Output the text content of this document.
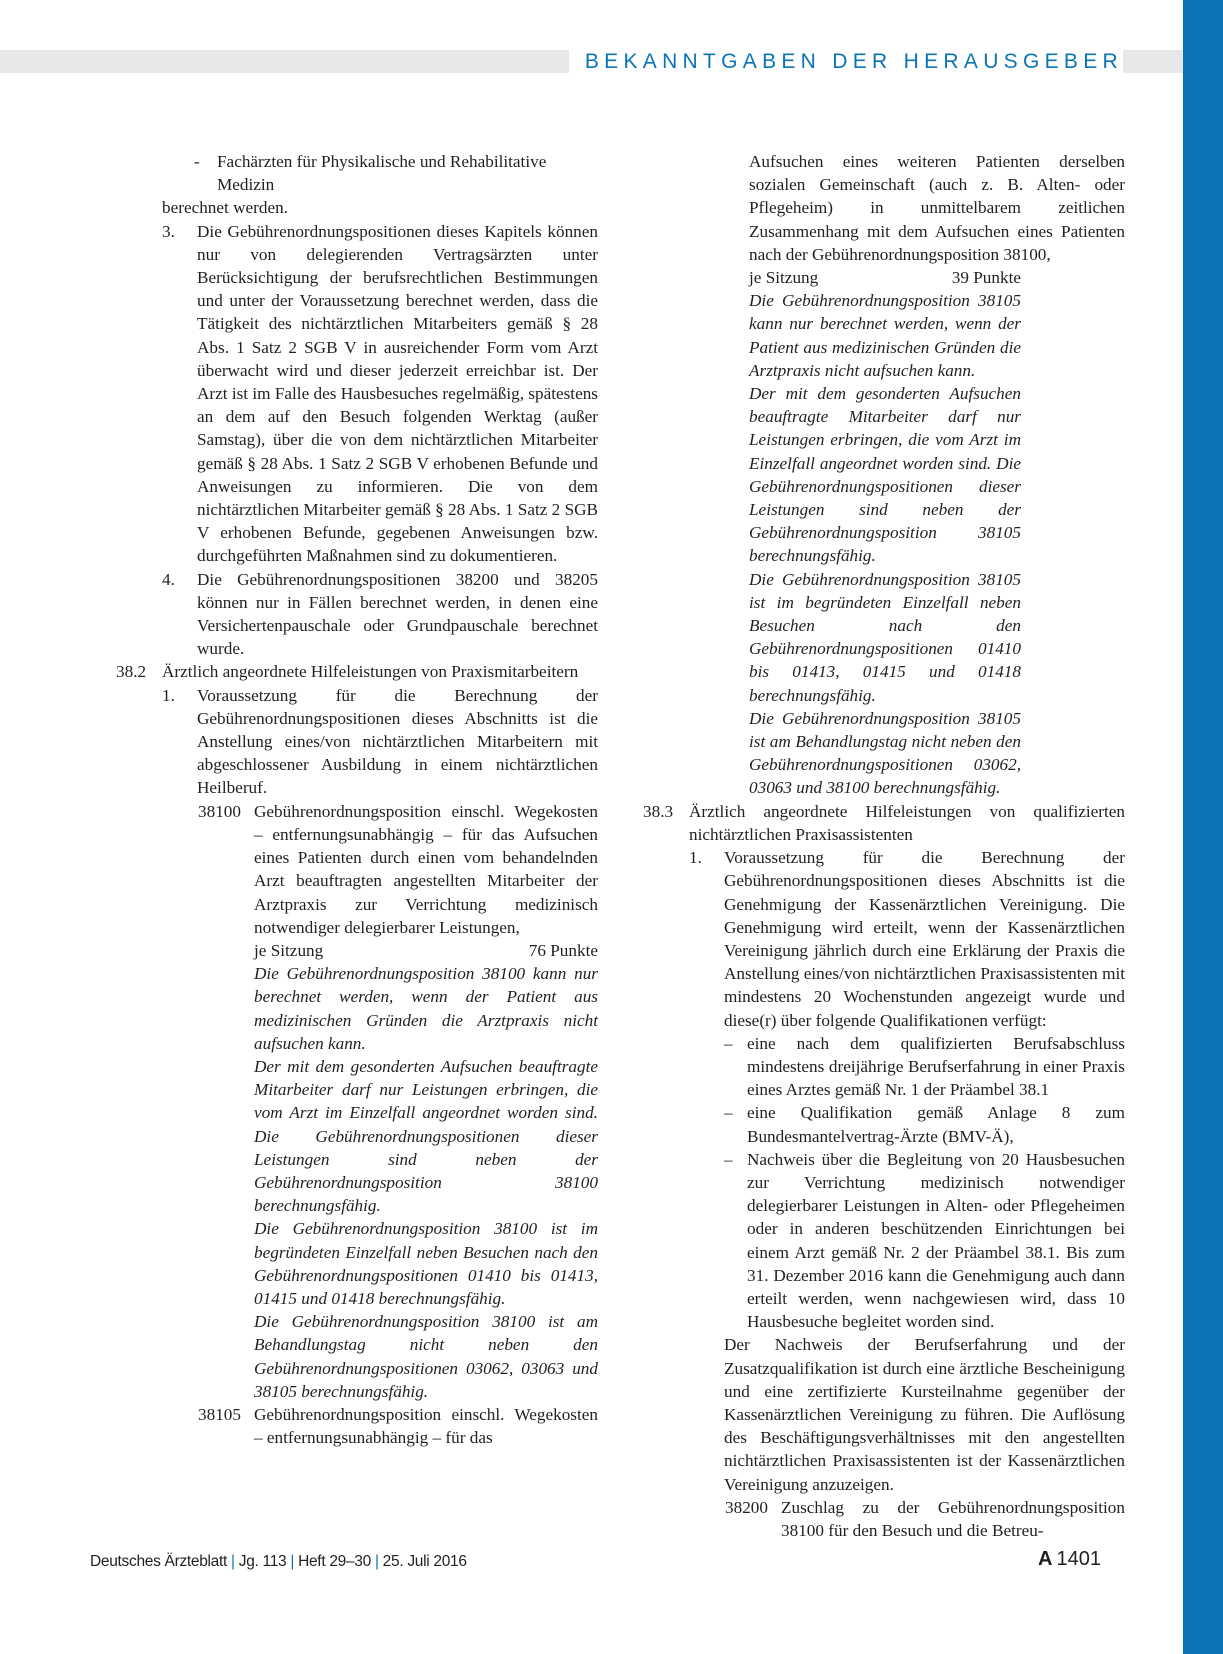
BEKANNTGABEN DER HERAUSGEBER
-	Fachärzten für Physikalische und Rehabilitative Medizin

berechnet werden.

3.	Die Gebührenordnungspositionen dieses Kapitels können nur von delegierenden Vertragsärzten unter Berücksichtigung der berufsrechtlichen Bestimmungen und unter der Voraussetzung berechnet werden, dass die Tätigkeit des nichtärztlichen Mitarbeiters gemäß § 28 Abs. 1 Satz 2 SGB V in ausreichender Form vom Arzt überwacht wird und dieser jederzeit erreichbar ist. Der Arzt ist im Falle des Hausbesuches regelmäßig, spätestens an dem auf den Besuch folgenden Werktag (außer Samstag), über die von dem nichtärztlichen Mitarbeiter gemäß § 28 Abs. 1 Satz 2 SGB V erhobenen Befunde und Anweisungen zu informieren. Die von dem nichtärztlichen Mitarbeiter gemäß § 28 Abs. 1 Satz 2 SGB V erhobenen Befunde, gegebenen Anweisungen bzw. durchgeführten Maßnahmen sind zu dokumentieren.
4.	Die Gebührenordnungspositionen 38200 und 38205 können nur in Fällen berechnet werden, in denen eine Versichertenpauschale oder Grundpauschale berechnet wurde.
38.2 Ärztlich angeordnete Hilfeleistungen von Praxismitarbeitern
1.	Voraussetzung für die Berechnung der Gebührenordnungspositionen dieses Abschnitts ist die Anstellung eines/von nichtärztlichen Mitarbeitern mit abgeschlossener Ausbildung in einem nichtärztlichen Heilberuf.
38100 Gebührenordnungsposition einschl. Wegekosten – entfernungsunabhängig – für das Aufsuchen eines Patienten durch einen vom behandelnden Arzt beauftragten angestellten Mitarbeiter der Arztpraxis zur Verrichtung medizinisch notwendiger delegierbarer Leistungen,

je Sitzung	76 Punkte

Die Gebührenordnungsposition 38100 kann nur berechnet werden, wenn der Patient aus medizinischen Gründen die Arztpraxis nicht aufsuchen kann.

Der mit dem gesonderten Aufsuchen beauftragte Mitarbeiter darf nur Leistungen erbringen, die vom Arzt im Einzelfall angeordnet worden sind. Die Gebührenordnungspositionen dieser Leistungen sind neben der Gebührenordnungsposition 38100 berechnungsfähig.

Die Gebührenordnungsposition 38100 ist im begründeten Einzelfall neben Besuchen nach den Gebührenordnungspositionen 01410 bis 01413, 01415 und 01418 berechnungsfähig.

Die Gebührenordnungsposition 38100 ist am Behandlungstag nicht neben den Gebührenordnungspositionen 03062, 03063 und 38105 berechnungsfähig.

38105 Gebührenordnungsposition einschl. Wegekosten – entfernungsunabhängig – für das

Aufsuchen eines weiteren Patienten derselben sozialen Gemeinschaft (auch z. B. Alten- oder Pflegeheim) in unmittelbarem zeitlichen Zusammenhang mit dem Aufsuchen eines Patienten nach der Gebührenordnungsposition 38100,

je Sitzung	39 Punkte

Die Gebührenordnungsposition 38105 kann nur berechnet werden, wenn der Patient aus medizinischen Gründen die Arztpraxis nicht aufsuchen kann.

Der mit dem gesonderten Aufsuchen beauftragte Mitarbeiter darf nur Leistungen erbringen, die vom Arzt im Einzelfall angeordnet worden sind. Die Gebührenordnungspositionen dieser Leistungen sind neben der Gebührenordnungsposition 38105 berechnungsfähig.

Die Gebührenordnungsposition 38105 ist im begründeten Einzelfall neben Besuchen nach den Gebührenordnungspositionen 01410 bis 01413, 01415 und 01418 berechnungsfähig.

Die Gebührenordnungsposition 38105 ist am Behandlungstag nicht neben den Gebührenordnungspositionen 03062, 03063 und 38100 berechnungsfähig.

38.3 Ärztlich angeordnete Hilfeleistungen von qualifizierten nichtärztlichen Praxisassistenten
1.	Voraussetzung für die Berechnung der Gebührenordnungspositionen dieses Abschnitts ist die Genehmigung der Kassenärztlichen Vereinigung. Die Genehmigung wird erteilt, wenn der Kassenärztlichen Vereinigung jährlich durch eine Erklärung der Praxis die Anstellung eines/von nichtärztlichen Praxisassistenten mit mindestens 20 Wochenstunden angezeigt wurde und diese(r) über folgende Qualifikationen verfügt:
– eine nach dem qualifizierten Berufsabschluss mindestens dreijährige Berufserfahrung in einer Praxis eines Arztes gemäß Nr. 1 der Präambel 38.1
– eine Qualifikation gemäß Anlage 8 zum Bundesmantelvertrag-Ärzte (BMV-Ä),
– Nachweis über die Begleitung von 20 Hausbesuchen zur Verrichtung medizinisch notwendiger delegierbarer Leistungen in Alten- oder Pflegeheimen oder in anderen beschützenden Einrichtungen bei einem Arzt gemäß Nr. 2 der Präambel 38.1. Bis zum 31. Dezember 2016 kann die Genehmigung auch dann erteilt werden, wenn nachgewiesen wird, dass 10 Hausbesuche begleitet worden sind.

Der Nachweis der Berufserfahrung und der Zusatzqualifikation ist durch eine ärztliche Bescheinigung und eine zertifizierte Kursteilnahme gegenüber der Kassenärztlichen Vereinigung zu führen. Die Auflösung des Beschäftigungsverhältnisses mit den angestellten nichtärztlichen Praxisassistenten ist der Kassenärztlichen Vereinigung anzuzeigen.

38200 Zuschlag zu der Gebührenordnungsposition 38100 für den Besuch und die Betreu-
Deutsches Ärzteblatt | Jg. 113 | Heft 29–30 | 25. Juli 2016	A 1401
